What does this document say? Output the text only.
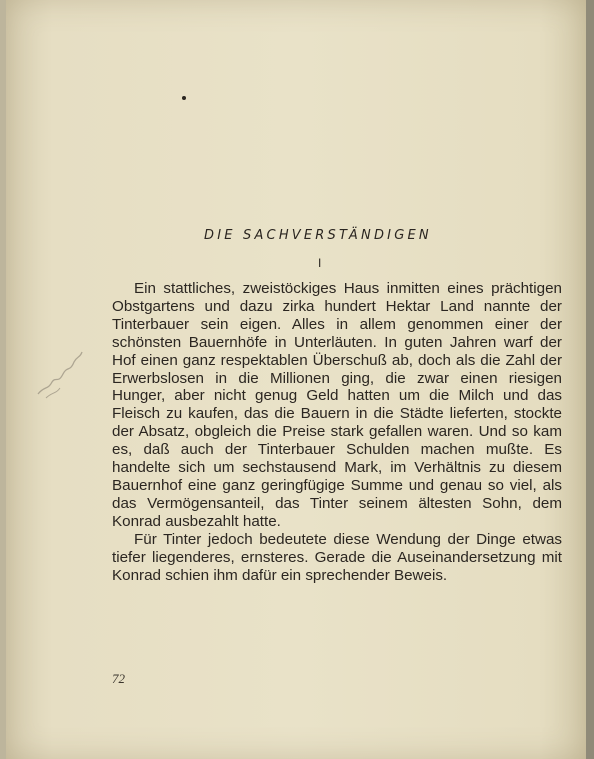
DIE SACHVERSTÄNDIGEN
I

Ein stattliches, zweistöckiges Haus inmitten eines prächtigen Obstgartens und dazu zirka hundert Hektar Land nannte der Tinterbauer sein eigen. Alles in allem genommen einer der schönsten Bauernhöfe in Unterläuten. In guten Jahren warf der Hof einen ganz respektablen Überschuß ab, doch als die Zahl der Erwerbslosen in die Millionen ging, die zwar einen riesigen Hunger, aber nicht genug Geld hatten um die Milch und das Fleisch zu kaufen, das die Bauern in die Städte lieferten, stockte der Absatz, obgleich die Preise stark gefallen waren. Und so kam es, daß auch der Tinterbauer Schulden machen mußte. Es handelte sich um sechstausend Mark, im Verhältnis zu diesem Bauernhof eine ganz geringfügige Summe und genau so viel, als das Vermögensanteil, das Tinter seinem ältesten Sohn, dem Konrad ausbezahlt hatte.

Für Tinter jedoch bedeutete diese Wendung der Dinge etwas tiefer liegenderes, ernsteres. Gerade die Auseinandersetzung mit Konrad schien ihm dafür ein sprechender Beweis.

72
